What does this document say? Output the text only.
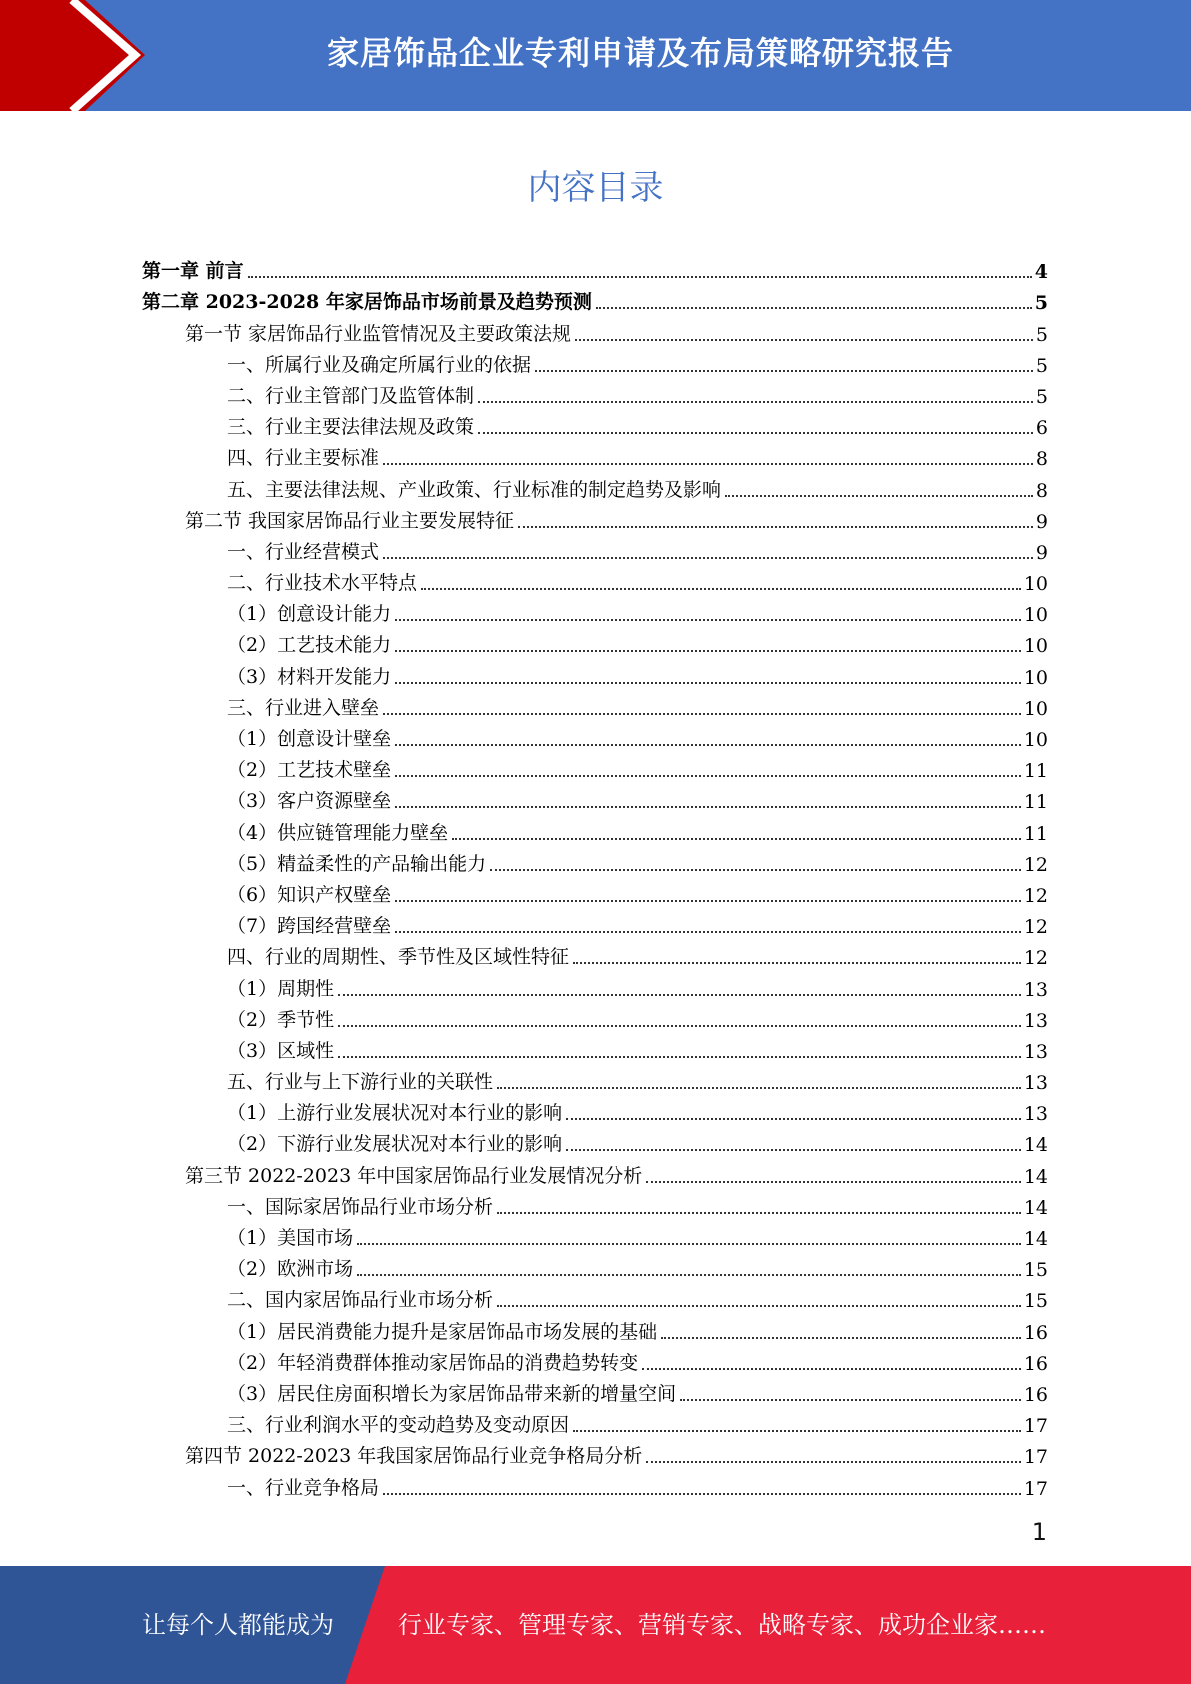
家居饰品企业专利申请及布局策略研究报告
内容目录
第一章 前言	4
第二章 2023-2028 年家居饰品市场前景及趋势预测	5
第一节 家居饰品行业监管情况及主要政策法规	5
一、所属行业及确定所属行业的依据	5
二、行业主管部门及监管体制	5
三、行业主要法律法规及政策	6
四、行业主要标准	8
五、主要法律法规、产业政策、行业标准的制定趋势及影响	8
第二节 我国家居饰品行业主要发展特征	9
一、行业经营模式	9
二、行业技术水平特点	10
（1）创意设计能力	10
（2）工艺技术能力	10
（3）材料开发能力	10
三、行业进入壁垒	10
（1）创意设计壁垒	10
（2）工艺技术壁垒	11
（3）客户资源壁垒	11
（4）供应链管理能力壁垒	11
（5）精益柔性的产品输出能力	12
（6）知识产权壁垒	12
（7）跨国经营壁垒	12
四、行业的周期性、季节性及区域性特征	12
（1）周期性	13
（2）季节性	13
（3）区域性	13
五、行业与上下游行业的关联性	13
（1）上游行业发展状况对本行业的影响	13
（2）下游行业发展状况对本行业的影响	14
第三节 2022-2023 年中国家居饰品行业发展情况分析	14
一、国际家居饰品行业市场分析	14
（1）美国市场	14
（2）欧洲市场	15
二、国内家居饰品行业市场分析	15
（1）居民消费能力提升是家居饰品市场发展的基础	16
（2）年轻消费群体推动家居饰品的消费趋势转变	16
（3）居民住房面积增长为家居饰品带来新的增量空间	16
三、行业利润水平的变动趋势及变动原因	17
第四节 2022-2023 年我国家居饰品行业竞争格局分析	17
一、行业竞争格局	17
1
让每个人都能成为	行业专家、管理专家、营销专家、战略专家、成功企业家……
